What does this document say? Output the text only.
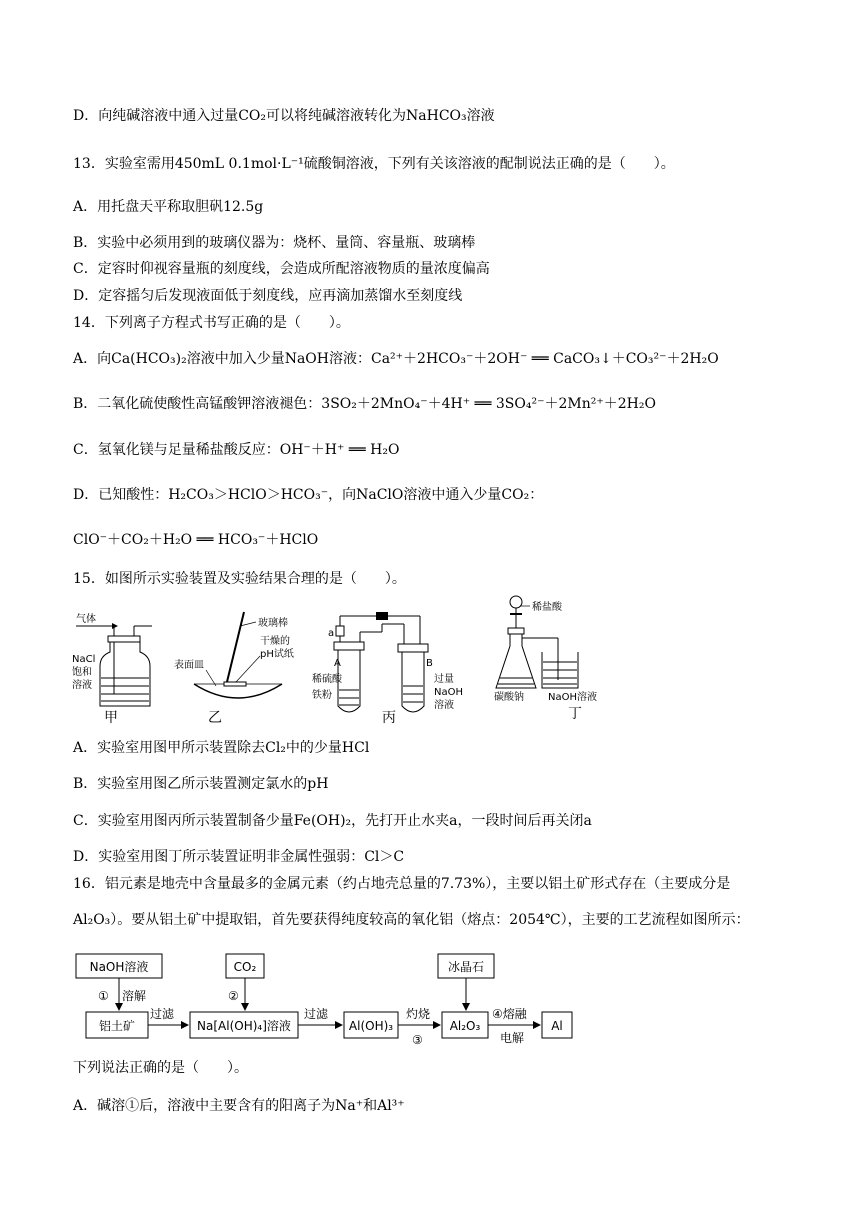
D．向纯碱溶液中通入过量CO₂可以将纯碱溶液转化为NaHCO₃溶液
13．实验室需用450mL 0.1mol·L⁻¹硫酸铜溶液，下列有关该溶液的配制说法正确的是（　　）。
A．用托盘天平称取胆矾12.5g
B．实验中必须用到的玻璃仪器为：烧杯、量筒、容量瓶、玻璃棒
C．定容时仰视容量瓶的刻度线，会造成所配溶液物质的量浓度偏高
D．定容摇匀后发现液面低于刻度线，应再滴加蒸馏水至刻度线
14．下列离子方程式书写正确的是（　　）。
A．向Ca(HCO₃)₂溶液中加入少量NaOH溶液：Ca²⁺＋2HCO₃⁻＋2OH⁻ ══ CaCO₃↓＋CO₃²⁻＋2H₂O
B．二氧化硫使酸性高锰酸钾溶液褪色：3SO₂＋2MnO₄⁻＋4H⁺ ══ 3SO₄²⁻＋2Mn²⁺＋2H₂O
C．氢氧化镁与足量稀盐酸反应：OH⁻＋H⁺ ══ H₂O
D．已知酸性：H₂CO₃＞HClO＞HCO₃⁻，向NaClO溶液中通入少量CO₂：
ClO⁻＋CO₂＋H₂O ══ HCO₃⁻＋HClO
15．如图所示实验装置及实验结果合理的是（　　）。
气体
NaCl
饱和
溶液
甲
玻璃棒
干燥的
pH试纸
表面皿
乙
a
A
稀硫酸
铁粉
B
过量
NaOH
溶液
丙
稀盐酸
碳酸钠 NaOH溶液
丁
A．实验室用图甲所示装置除去Cl₂中的少量HCl
B．实验室用图乙所示装置测定氯水的pH
C．实验室用图丙所示装置制备少量Fe(OH)₂，先打开止水夹a，一段时间后再关闭a
D．实验室用图丁所示装置证明非金属性强弱：Cl＞C
16．铝元素是地壳中含量最多的金属元素（约占地壳总量的7.73%），主要以铝土矿形式存在（主要成分是
Al₂O₃）。要从铝土矿中提取铝，首先要获得纯度较高的氧化铝（熔点：2054℃），主要的工艺流程如图所示：
NaOH溶液
① 溶解
铝土矿
过滤
CO₂
②
Na[Al(OH)₄]溶液
过滤
Al(OH)₃
灼烧
③
Al₂O₃
冰晶石
④熔融
电解
Al
下列说法正确的是（　　）。
A．碱溶①后，溶液中主要含有的阳离子为Na⁺和Al³⁺
